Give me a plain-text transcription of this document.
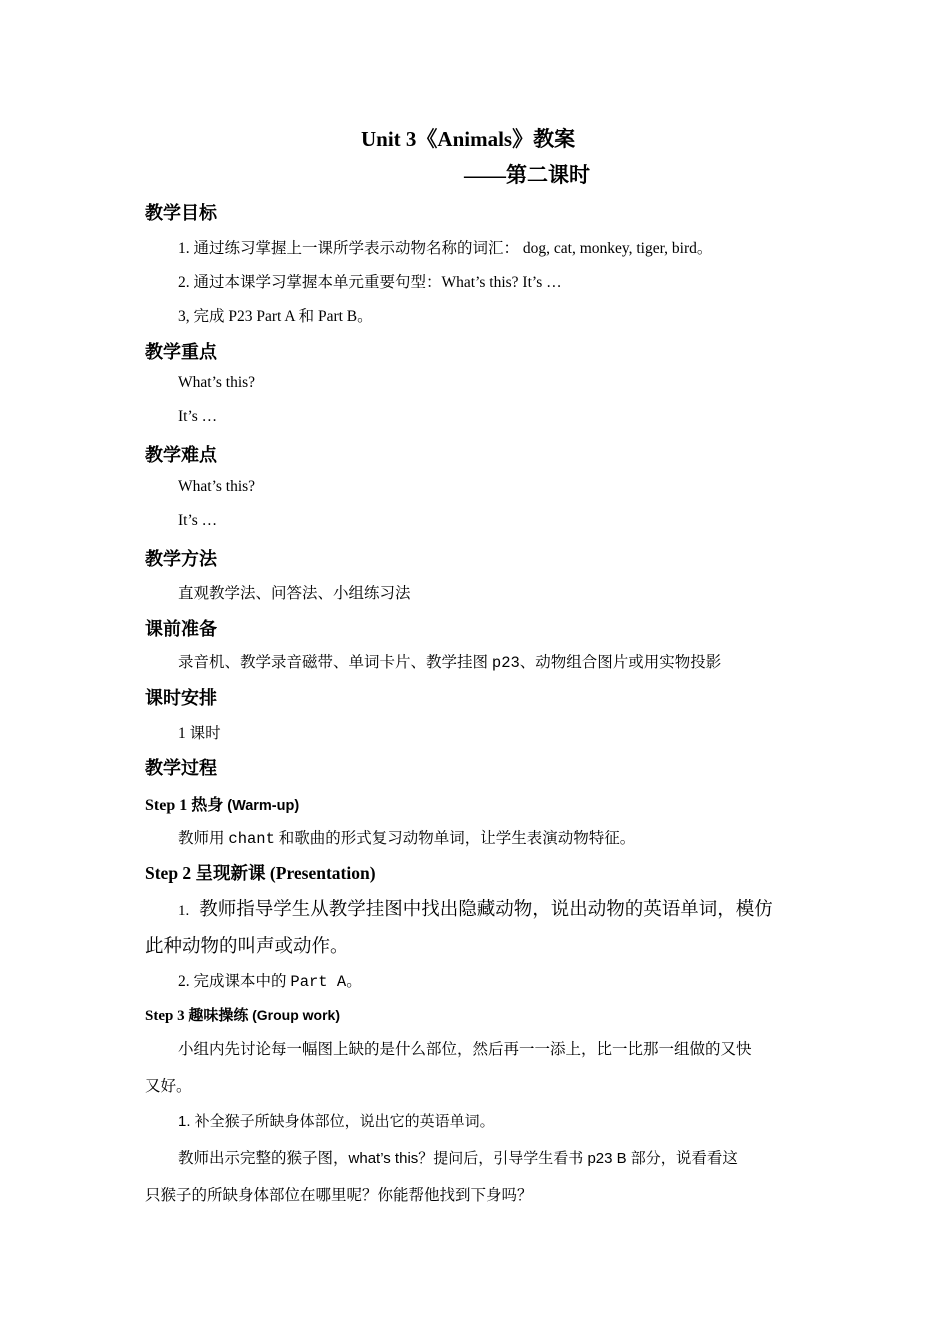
Unit 3《Animals》教案
——第二课时
教学目标
1. 通过练习掌握上一课所学表示动物名称的词汇： dog, cat, monkey, tiger, bird。
2. 通过本课学习掌握本单元重要句型：What’s this? It’s …
3, 完成 P23 Part A 和 Part B。
教学重点
What’s this?
It’s …
教学难点
What’s this?
It’s …
教学方法
直观教学法、问答法、小组练习法
课前准备
录音机、教学录音磁带、单词卡片、教学挂图 p23、动物组合图片或用实物投影
课时安排
1 课时
教学过程
Step 1 热身 (Warm-up)
教师用 chant 和歌曲的形式复习动物单词，让学生表演动物特征。
Step 2 呈现新课 (Presentation)
1. 教师指导学生从教学挂图中找出隐藏动物，说出动物的英语单词，模仿
此种动物的叫声或动作。
2. 完成课本中的 Part A。
Step 3 趣味操练 (Group work)
小组内先讨论每一幅图上缺的是什么部位，然后再一一添上，比一比那一组做的又快
又好。
1. 补全猴子所缺身体部位，说出它的英语单词。
教师出示完整的猴子图，what’s this？提问后，引导学生看书 p23 B 部分，说看看这
只猴子的所缺身体部位在哪里呢？你能帮他找到下身吗？
